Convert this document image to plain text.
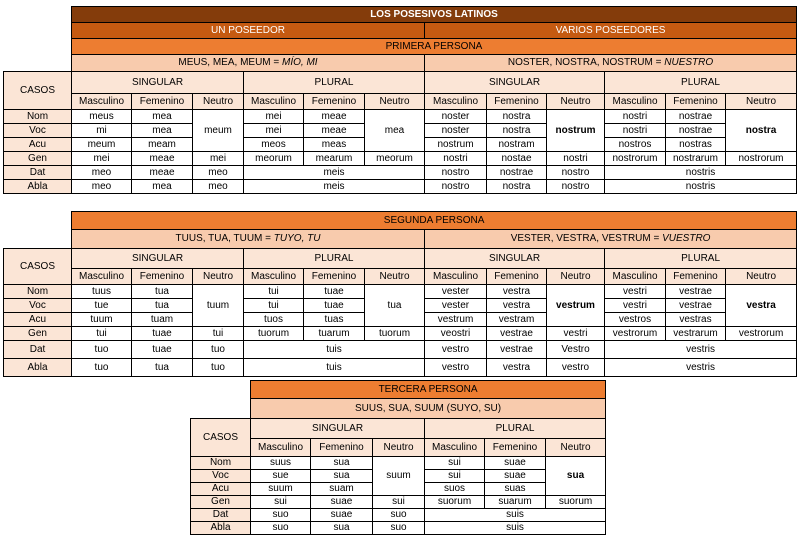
	LOS POSESIVOS LATINOS											
	UN POSEEDOR						VARIOS POSEEDORES					
	PRIMERA PERSONA											
	MEUS, MEA, MEUM = MÍO, MI						NOSTER, NOSTRA, NOSTRUM = NUESTRO					
CASOS	SINGULAR			PLURAL			SINGULAR			PLURAL		
	Masculino	Femenino	Neutro	Masculino	Femenino	Neutro	Masculino	Femenino	Neutro	Masculino	Femenino	Neutro
Nom	meus	mea	meum	mei	meae	mea	noster	nostra	nostrum	nostri	nostrae	nostra
Voc	mi	mea		mei	meae		noster	nostra		nostri	nostrae	
Acu	meum	meam		meos	meas		nostrum	nostram		nostros	nostras	
Gen	mei	meae	mei	meorum	mearum	meorum	nostri	nostae	nostri	nostrorum	nostrarum	nostrorum
Dat	meo	meae	meo	meis			nostro	nostrae	nostro	nostris		
Abla	meo	mea	meo	meis			nostro	nostra	nostro	nostris		
	SEGUNDA PERSONA											
	TUUS, TUA, TUUM = TUYO, TU						VESTER, VESTRA, VESTRUM = VUESTRO					
CASOS	SINGULAR			PLURAL			SINGULAR			PLURAL		
	Masculino	Femenino	Neutro	Masculino	Femenino	Neutro	Masculino	Femenino	Neutro	Masculino	Femenino	Neutro
Nom	tuus	tua	tuum	tui	tuae	tua	vester	vestra	vestrum	vestri	vestrae	vestra
Voc	tue	tua		tui	tuae		vester	vestra		vestri	vestrae	
Acu	tuum	tuam		tuos	tuas		vestrum	vestram		vestros	vestras	
Gen	tui	tuae	tui	tuorum	tuarum	tuorum	veostri	vestrae	vestri	vestrorum	vestrarum	vestrorum
Dat	tuo	tuae	tuo	tuis			vestro	vestrae	Vestro	vestris		
Abla	tuo	tua	tuo	tuis			vestro	vestra	vestro	vestris		
	TERCERA PERSONA					
	SUUS, SUA, SUUM (SUYO, SU)					
CASOS	SINGULAR			PLURAL		
	Masculino	Femenino	Neutro	Masculino	Femenino	Neutro
Nom	suus	sua	suum	sui	suae	sua
Voc	sue	sua		sui	suae	
Acu	suum	suam		suos	suas	
Gen	sui	suae	sui	suorum	suarum	suorum
Dat	suo	suae	suo	suis		
Abla	suo	sua	suo	suis		
